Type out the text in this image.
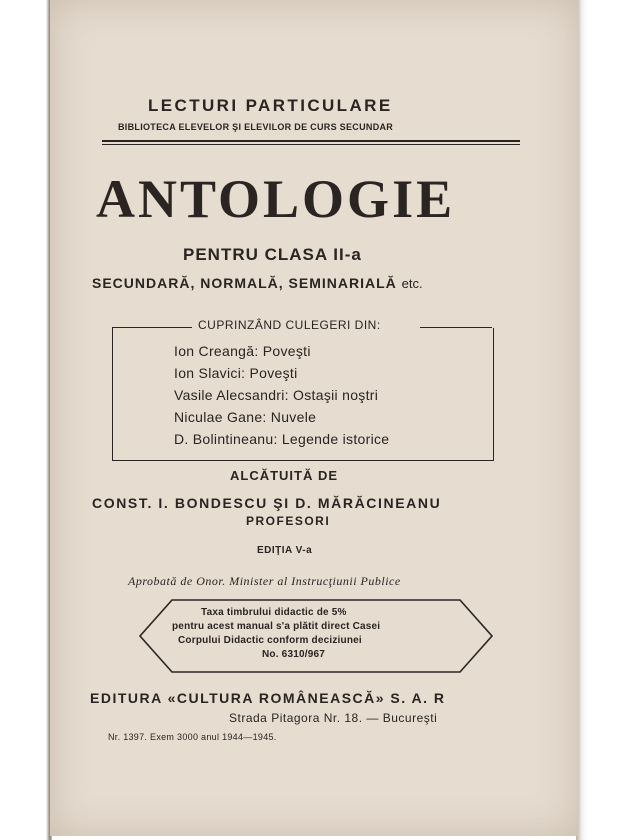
LECTURI PARTICULARE
BIBLIOTECA ELEVELOR ŞI ELEVILOR DE CURS SECUNDAR
ANTOLOGIE
PENTRU CLASA II-a
SECUNDARĂ, NORMALĂ, SEMINARIALĂ etc.
CUPRINZÂND CULEGERI DIN:
Ion Creangă: Poveşti
Ion Slavici: Poveşti
Vasile Alecsandri: Ostaşii noştri
Niculae Gane: Nuvele
D. Bolintineanu: Legende istorice
ALCĂTUITĂ DE
CONST. I. BONDESCU ŞI D. MĂRĂCINEANU
PROFESORI
EDIŢIA V-a
Aprobată de Onor. Minister al Instrucţiunii Publice
Taxa timbrului didactic de 5%
pentru acest manual s'a plătit direct Casei
Corpului Didactic conform deciziunei
No. 6310/967
EDITURA «CULTURA ROMÂNEASCĂ» S. A. R
Strada Pitagora Nr. 18. — Bucureşti
Nr. 1397. Exem 3000 anul 1944—1945.
